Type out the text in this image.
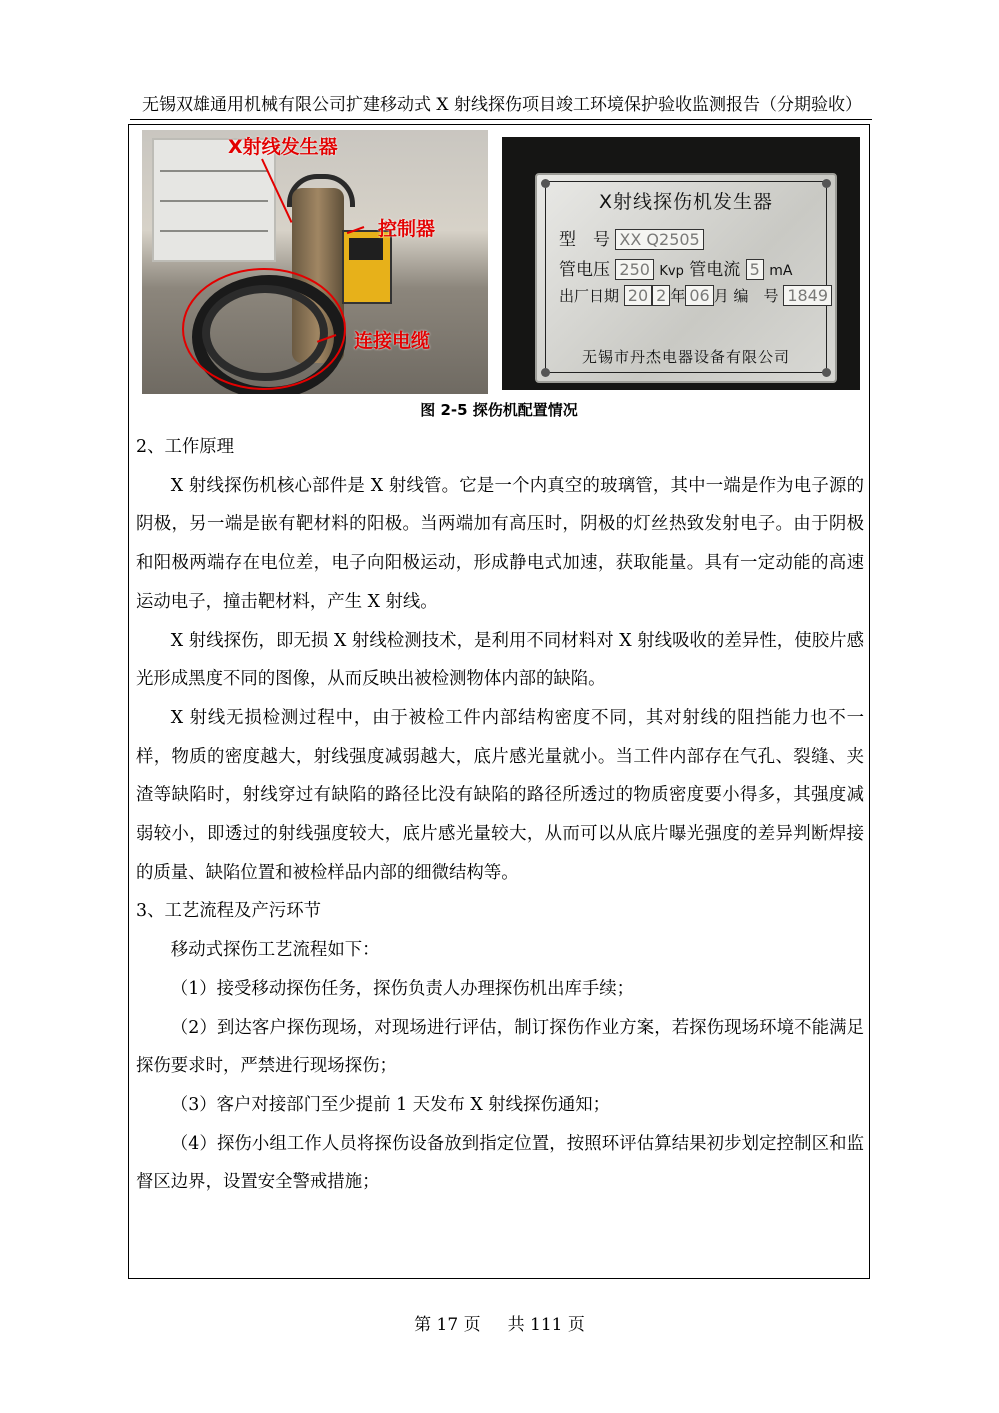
无锡双雄通用机械有限公司扩建移动式 X 射线探伤项目竣工环境保护验收监测报告（分期验收）
X射线发生器
控制器
连接电缆
X射线探伤机发生器
型　号 XX Q2505
管电压 250 Kvp 管电流 5 mA
出厂日期 20 2 年 06 月 编　号 1849
无锡市丹杰电器设备有限公司
图 2-5 探伤机配置情况

2、工作原理

X 射线探伤机核心部件是 X 射线管。它是一个内真空的玻璃管，其中一端是作为电子源的阴极，另一端是嵌有靶材料的阳极。当两端加有高压时，阴极的灯丝热致发射电子。由于阴极和阳极两端存在电位差，电子向阳极运动，形成静电式加速，获取能量。具有一定动能的高速运动电子，撞击靶材料，产生 X 射线。

X 射线探伤，即无损 X 射线检测技术，是利用不同材料对 X 射线吸收的差异性，使胶片感光形成黑度不同的图像，从而反映出被检测物体内部的缺陷。

X 射线无损检测过程中，由于被检工件内部结构密度不同，其对射线的阻挡能力也不一样，物质的密度越大，射线强度减弱越大，底片感光量就小。当工件内部存在气孔、裂缝、夹渣等缺陷时，射线穿过有缺陷的路径比没有缺陷的路径所透过的物质密度要小得多，其强度减弱较小，即透过的射线强度较大，底片感光量较大，从而可以从底片曝光强度的差异判断焊接的质量、缺陷位置和被检样品内部的细微结构等。

3、工艺流程及产污环节

移动式探伤工艺流程如下：

（1）接受移动探伤任务，探伤负责人办理探伤机出库手续；

（2）到达客户探伤现场，对现场进行评估，制订探伤作业方案，若探伤现场环境不能满足探伤要求时，严禁进行现场探伤；

（3）客户对接部门至少提前 1 天发布 X 射线探伤通知；

（4）探伤小组工作人员将探伤设备放到指定位置，按照环评估算结果初步划定控制区和监督区边界，设置安全警戒措施；

第 17 页     共 111 页
